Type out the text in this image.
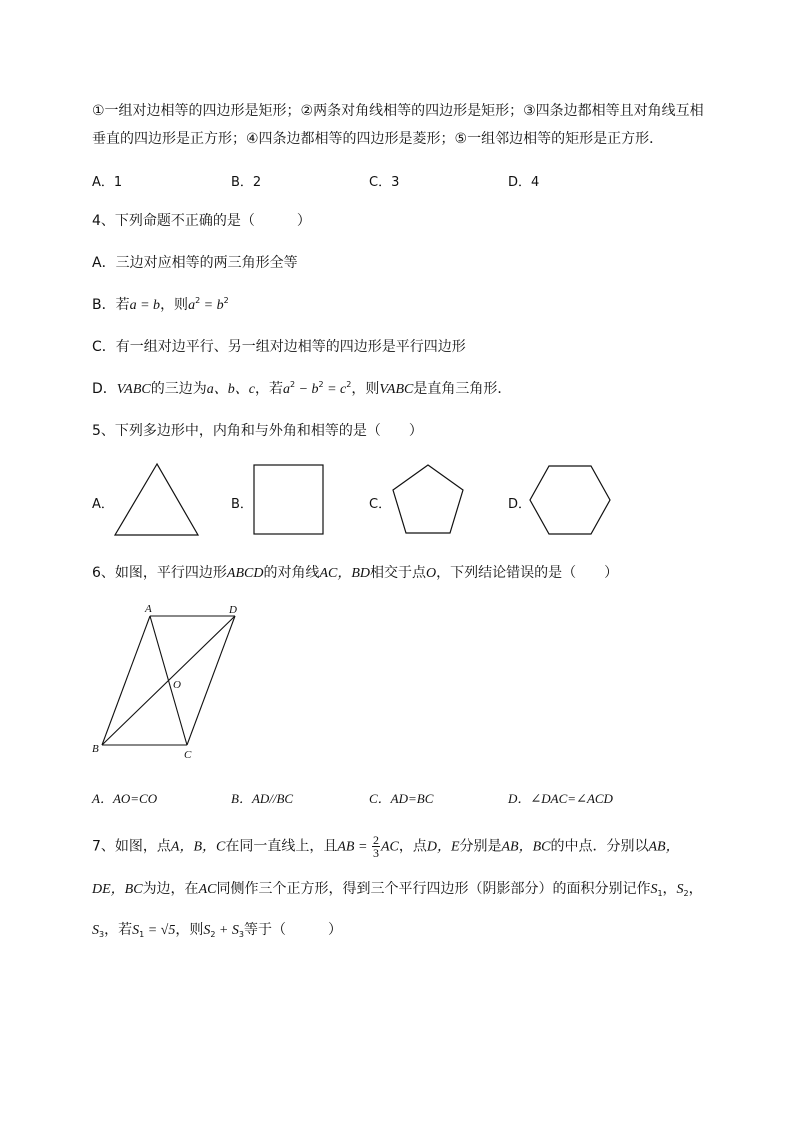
①一组对边相等的四边形是矩形；②两条对角线相等的四边形是矩形；③四条边都相等且对角线互相
垂直的四边形是正方形；④四条边都相等的四边形是菱形；⑤一组邻边相等的矩形是正方形．
A．1	B．2	C．3	D．4
4、下列命题不正确的是（　　　）
A．三边对应相等的两三角形全等
B．若a = b，则$a^2 = b^2$
C．有一组对边平行、另一组对边相等的四边形是平行四边形
D．VABC的三边为a、b、c，若$a^2 - b^2 = c^2$，则VABC是直角三角形．
5、下列多边形中，内角和与外角和相等的是（　　）
A．	B．	C．	D．
6、如图，平行四边形ABCD的对角线AC，BD相交于点O，下列结论错误的是（　　）
A	D
B	C
O
A．AO=CO	B．AD//BC	C．AD=BC	D．∠DAC=∠ACD
7、如图，点A，B，C在同一直线上，且AB = $\frac{2}{3}$ AC，点D，E分别是AB，BC的中点．分别以AB，
DE，BC为边，在AC同侧作三个正方形，得到三个平行四边形（阴影部分）的面积分别记作$S_1$，$S_2$，
$S_3$，若$S_1 = √5$，则$S_2 + S_3$等于（　　　）
